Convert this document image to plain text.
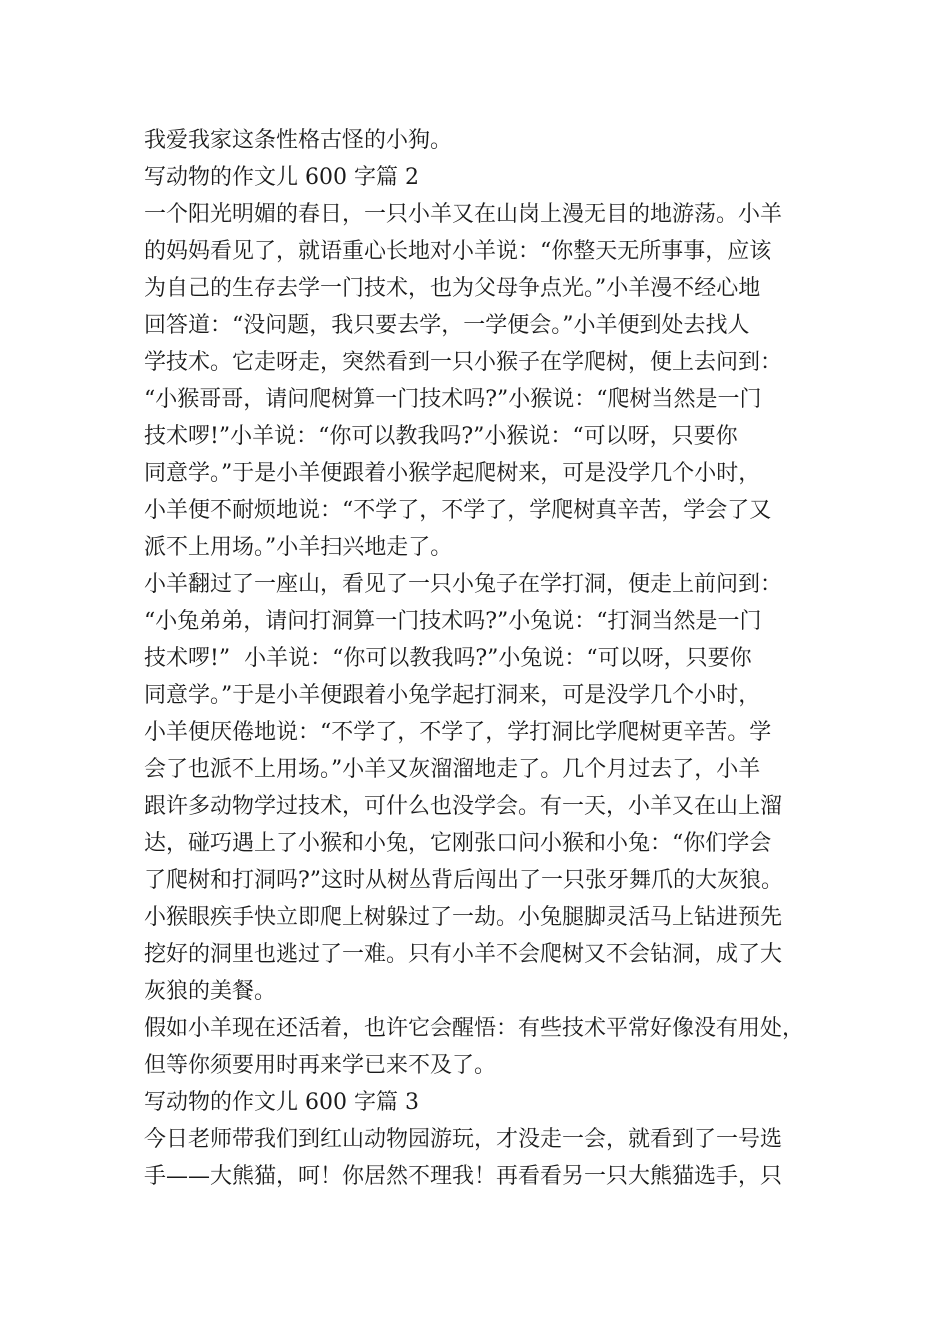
我爱我家这条性格古怪的小狗。
写动物的作文儿 600 字篇 2
一个阳光明媚的春日，一只小羊又在山岗上漫无目的地游荡。小羊
的妈妈看见了，就语重心长地对小羊说：“你整天无所事事，应该
为自己的生存去学一门技术，也为父母争点光。”小羊漫不经心地
回答道：“没问题，我只要去学，一学便会。”小羊便到处去找人
学技术。它走呀走，突然看到一只小猴子在学爬树，便上去问到：
“小猴哥哥，请问爬树算一门技术吗?”小猴说：“爬树当然是一门
技术啰!”小羊说：“你可以教我吗?”小猴说：“可以呀，只要你
同意学。”于是小羊便跟着小猴学起爬树来，可是没学几个小时，
小羊便不耐烦地说：“不学了，不学了，学爬树真辛苦，学会了又
派不上用场。”小羊扫兴地走了。
小羊翻过了一座山，看见了一只小兔子在学打洞，便走上前问到：
“小兔弟弟，请问打洞算一门技术吗?”小兔说：“打洞当然是一门
技术啰!”  小羊说：“你可以教我吗?”小兔说：“可以呀，只要你
同意学。”于是小羊便跟着小兔学起打洞来，可是没学几个小时，
小羊便厌倦地说：“不学了，不学了，学打洞比学爬树更辛苦。学
会了也派不上用场。”小羊又灰溜溜地走了。几个月过去了，小羊
跟许多动物学过技术，可什么也没学会。有一天，小羊又在山上溜
达，碰巧遇上了小猴和小兔，它刚张口问小猴和小兔：“你们学会
了爬树和打洞吗?”这时从树丛背后闯出了一只张牙舞爪的大灰狼。
小猴眼疾手快立即爬上树躲过了一劫。小兔腿脚灵活马上钻进预先
挖好的洞里也逃过了一难。只有小羊不会爬树又不会钻洞，成了大
灰狼的美餐。
假如小羊现在还活着，也许它会醒悟：有些技术平常好像没有用处，
但等你须要用时再来学已来不及了。
写动物的作文儿 600 字篇 3
今日老师带我们到红山动物园游玩，才没走一会，就看到了一号选
手——大熊猫，呵！你居然不理我！再看看另一只大熊猫选手，只
